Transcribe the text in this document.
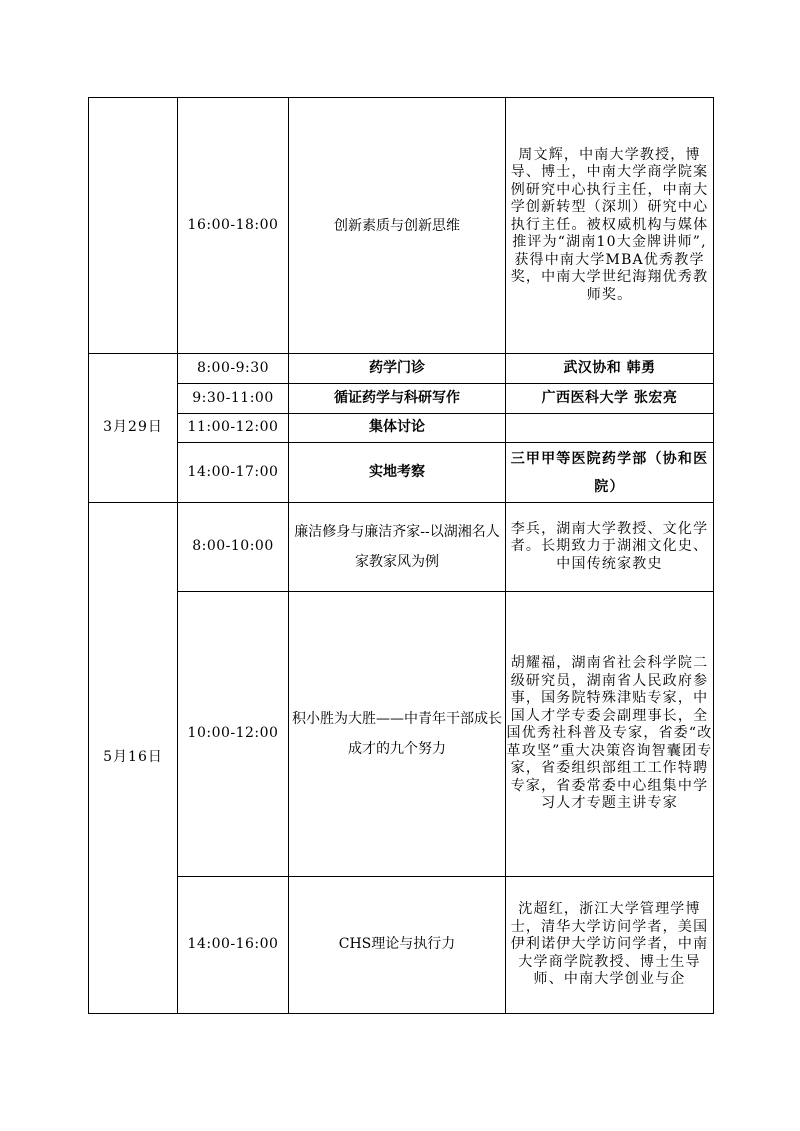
	16:00-18:00	创新素质与创新思维	周文辉，中南大学教授，博导、博士，中南大学商学院案例研究中心执行主任，中南大学创新转型（深圳）研究中心执行主任。被权威机构与媒体推评为“湖南10大金牌讲师”,获得中南大学MBA优秀教学奖，中南大学世纪海翔优秀教师奖。
3月29日	8:00-9:30	药学门诊	武汉协和 韩勇
	9:30-11:00	循证药学与科研写作	广西医科大学 张宏亮
	11:00-12:00	集体讨论	
	14:00-17:00	实地考察	三甲甲等医院药学部（协和医院）
5月16日	8:00-10:00	廉洁修身与廉洁齐家--以湖湘名人家教家风为例	李兵，湖南大学教授、文化学者。长期致力于湖湘文化史、中国传统家教史
	10:00-12:00	积小胜为大胜——中青年干部成长成才的九个努力	胡耀福，湖南省社会科学院二级研究员，湖南省人民政府参事，国务院特殊津贴专家，中国人才学专委会副理事长，全国优秀社科普及专家，省委“改革攻坚”重大决策咨询智囊团专家，省委组织部组工工作特聘专家，省委常委中心组集中学习人才专题主讲专家
	14:00-16:00	CHS理论与执行力	沈超红，浙江大学管理学博士，清华大学访问学者，美国伊利诺伊大学访问学者，中南大学商学院教授、博士生导师、中南大学创业与企
